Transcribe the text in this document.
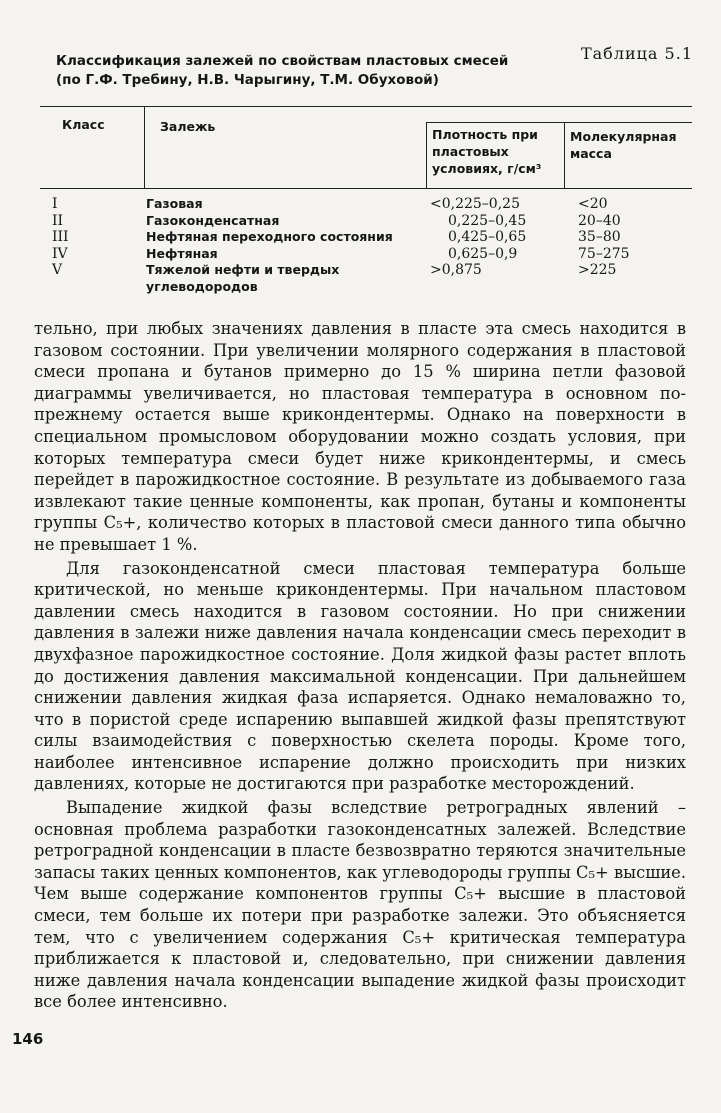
Таблица 5.1
Классификация залежей по свойствам пластовых смесей
(по Г.Ф. Требину, Н.В. Чарыгину, Т.М. Обуховой)
Класс	Залежь
Плотность при пластовых условиях, г/см³
Молекулярная масса
I
II
III
IV
V
Газовая
Газоконденсатная
Нефтяная переходного состояния
Нефтяная
Тяжелой нефти и твердых углеводородов
<0,225–0,25
0,225–0,45
0,425–0,65
0,625–0,9
>0,875
<20
20–40
35–80
75–275
>225

тельно, при любых значениях давления в пласте эта смесь находится в газовом состоянии. При увеличении молярного содержания в пластовой смеси пропана и бутанов примерно до 15 % ширина петли фазовой диаграммы увеличивается, но пластовая температура в основном по-прежнему остается выше крикондентермы. Однако на поверхности в специальном промысловом оборудовании можно создать условия, при которых температура смеси будет ниже крикондентермы, и смесь перейдет в парожидкостное состояние. В результате из добываемого газа извлекают такие ценные компоненты, как пропан, бутаны и компоненты группы C₅+, количество которых в пластовой смеси данного типа обычно не превышает 1 %.

Для газоконденсатной смеси пластовая температура больше критической, но меньше крикондентермы. При начальном пластовом давлении смесь находится в газовом состоянии. Но при снижении давления в залежи ниже давления начала конденсации смесь переходит в двухфазное парожидкостное состояние. Доля жидкой фазы растет вплоть до достижения давления максимальной конденсации. При дальнейшем снижении давления жидкая фаза испаряется. Однако немаловажно то, что в пористой среде испарению выпавшей жидкой фазы препятствуют силы взаимодействия с поверхностью скелета породы. Кроме того, наиболее интенсивное испарение должно происходить при низких давлениях, которые не достигаются при разработке месторождений.

Выпадение жидкой фазы вследствие ретроградных явлений – основная проблема разработки газоконденсатных залежей. Вследствие ретроградной конденсации в пласте безвозвратно теряются значительные запасы таких ценных компонентов, как углеводороды группы C₅+ высшие. Чем выше содержание компонентов группы C₅+ высшие в пластовой смеси, тем больше их потери при разработке залежи. Это объясняется тем, что с увеличением содержания C₅+ критическая температура приближается к пластовой и, следовательно, при снижении давления ниже давления начала конденсации выпадение жидкой фазы происходит все более интенсивно.

146
